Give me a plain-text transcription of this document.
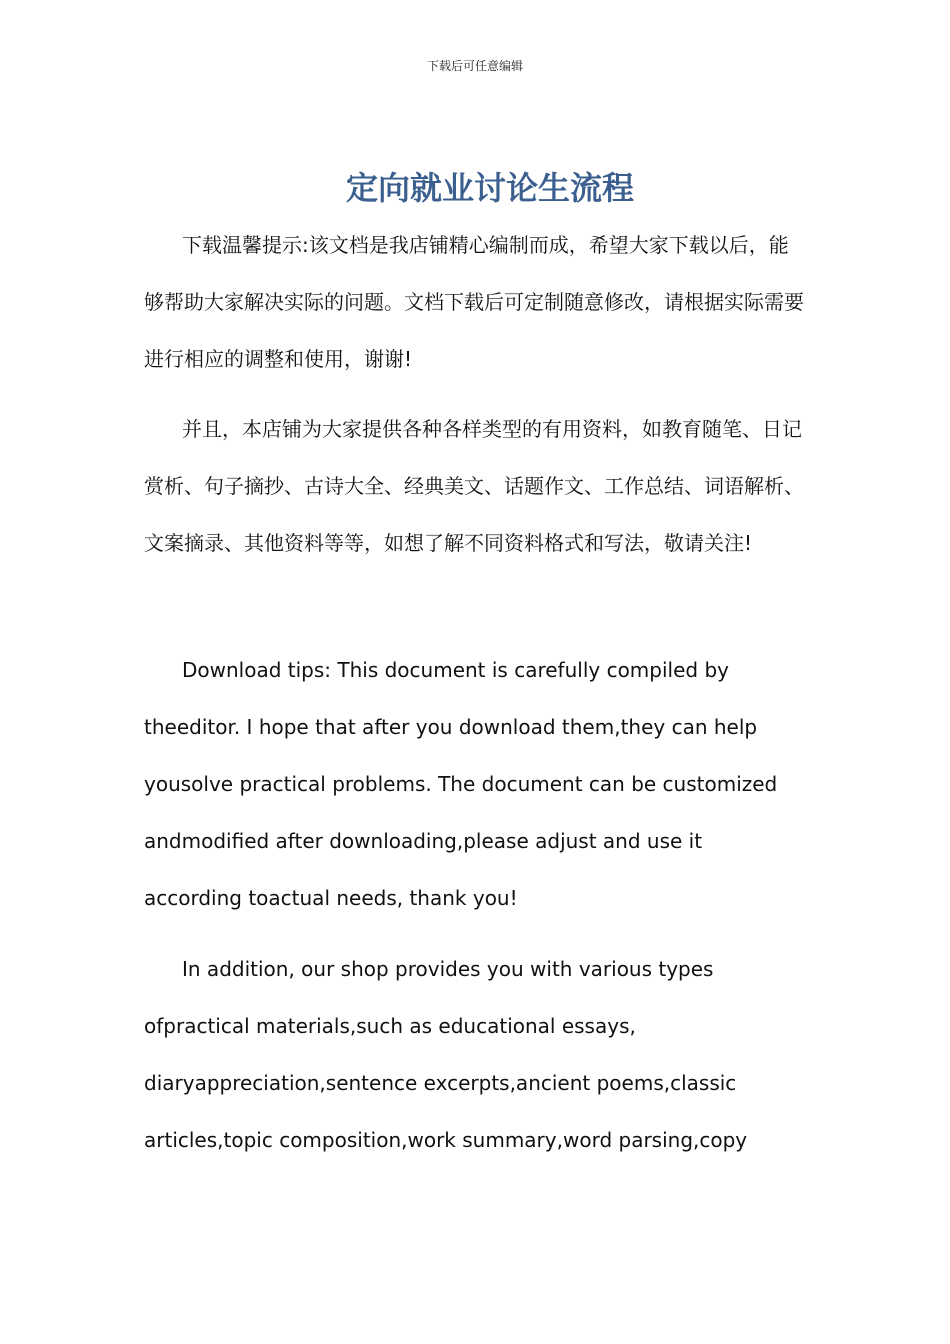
下载后可任意编辑
定向就业讨论生流程

下载温馨提示:该文档是我店铺精心编制而成，希望大家下载以后，能够帮助大家解决实际的问题。文档下载后可定制随意修改，请根据实际需要进行相应的调整和使用，谢谢!

并且，本店铺为大家提供各种各样类型的有用资料，如教育随笔、日记赏析、句子摘抄、古诗大全、经典美文、话题作文、工作总结、词语解析、文案摘录、其他资料等等，如想了解不同资料格式和写法，敬请关注!

Download tips: This document is carefully compiled by theeditor. I hope that after you download them,they can help yousolve practical problems. The document can be customized andmodified after downloading,please adjust and use it according toactual needs, thank you!

In addition, our shop provides you with various types ofpractical materials,such as educational essays, diaryappreciation,sentence excerpts,ancient poems,classic articles,topic composition,work summary,word parsing,copy
